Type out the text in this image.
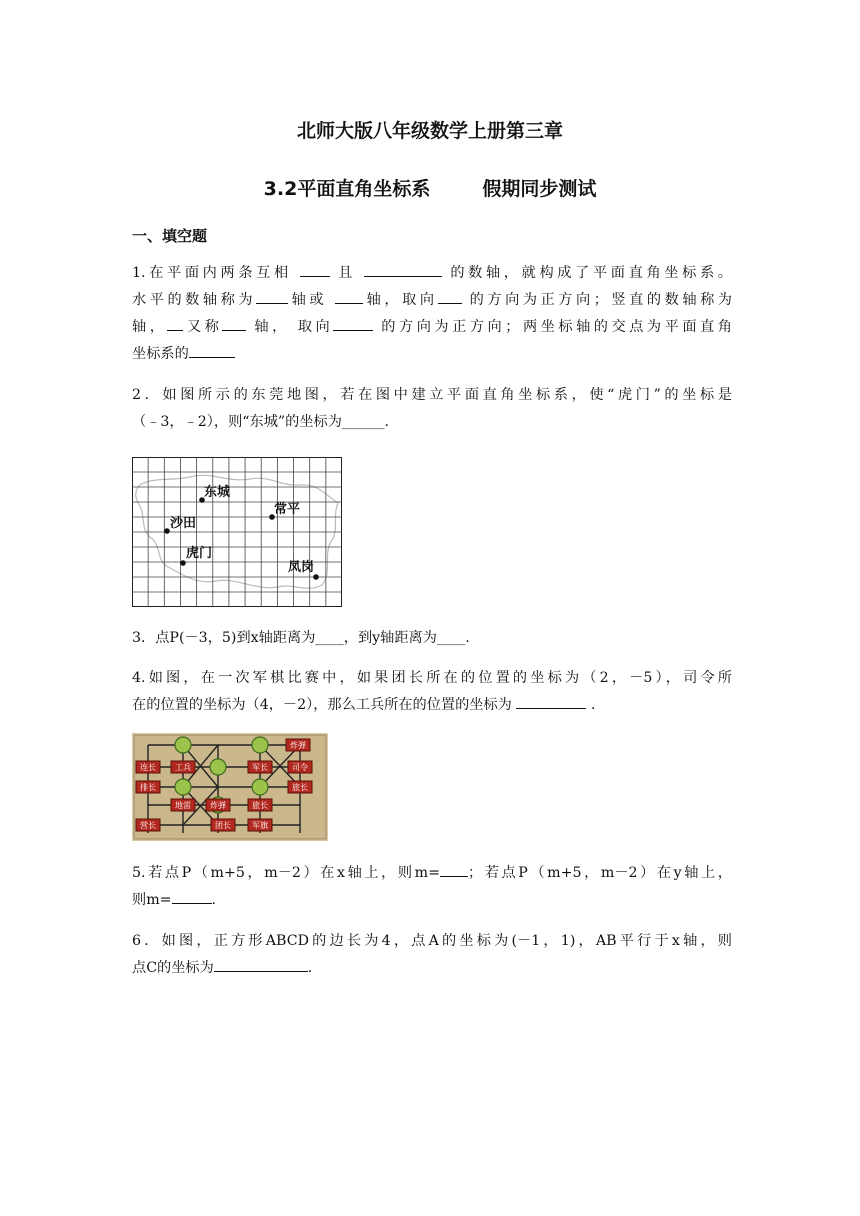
北师大版八年级数学上册第三章
3.2平面直角坐标系	假期同步测试
一、填空题
1.在平面内两条互相	且	的数轴，就构成了平面直角坐标系。
水平的数轴称为 轴或	轴，取向 的方向为正方向；竖直的数轴称为
轴， 又称 轴， 取向	的方向为正方向；两坐标轴的交点为平面直角
坐标系的
2．如图所示的东莞地图，若在图中建立平面直角坐标系，使“虎门”的坐标是
（﹣3，﹣2），则“东城”的坐标为______.
东城
常平
沙田
虎门
凤岗
3．点P(－3，5)到x轴距离为____，到y轴距离为____.
4.如图，在一次军棋比赛中，如果团长所在的位置的坐标为（2，－5），司令所
在的位置的坐标为（4，－2），那么工兵所在的位置的坐标为	.
炸弹
连长 工兵	军长	司令
排长	旅长
地雷 炸弹	旅长
营长	团长	军旗
5.若点P（m+5，m－2）在x轴上，则m= ；若点P（m+5，m－2）在y轴上，
则m=	.
6．如图，正方形ABCD的边长为4，点A的坐标为(－1，1)，AB平行于x轴，则
点C的坐标为	.
